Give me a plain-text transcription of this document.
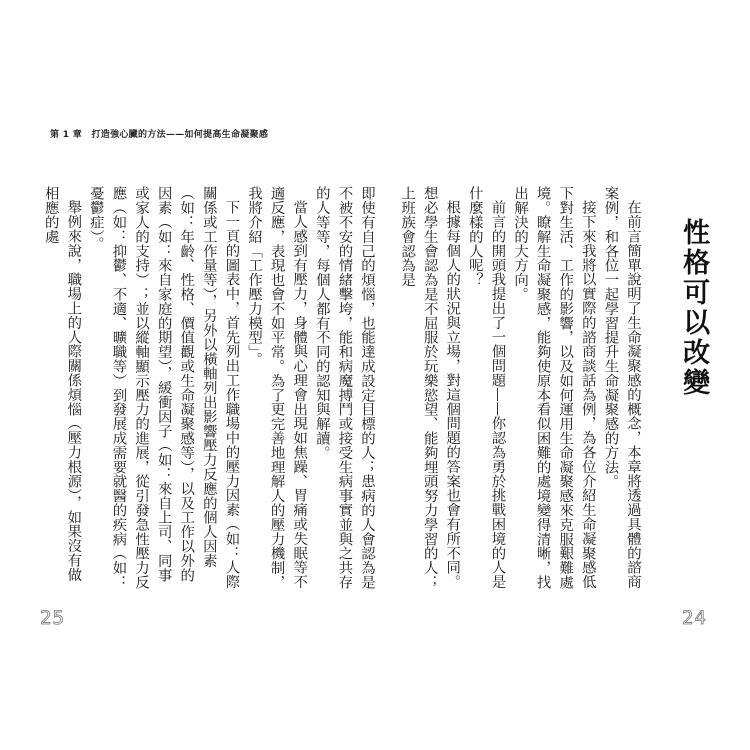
第 1 章 打造強心臟的方法——如何提高生命凝聚感
性格可以改變

在前言簡單說明了生命凝聚感的概念，本章將透過具體的諮商案例，和各位一起學習提升生命凝聚感的方法。

接下來我將以實際的諮商談話為例，為各位介紹生命凝聚感低下對生活、工作的影響，以及如何運用生命凝聚感來克服艱難處境。瞭解生命凝聚感，能夠使原本看似困難的處境變得清晰，找出解決的大方向。

前言的開頭我提出了一個問題——你認為勇於挑戰困境的人是什麼樣的人呢？

根據每個人的狀況與立場，對這個問題的答案也會有所不同。想必學生會認為是不屈服於玩樂慾望、能夠埋頭努力學習的人；上班族會認為是

即使有自己的煩惱，也能達成設定目標的人；患病的人會認為是不被不安的情緒擊垮，能和病魔搏鬥或接受生病事實並與之共存的人等等，每個人都有不同的認知與解讀。

當人感到有壓力，身體與心理會出現如焦躁、胃痛或失眠等不適反應，表現也會不如平常。為了更完善地理解人的壓力機制，我將介紹「工作壓力模型」。

下一頁的圖表中，首先列出工作職場中的壓力因素（如：人際關係或工作量等），另外以橫軸列出影響壓力反應的個人因素（如：年齡、性格、價值觀或生命凝聚感等），以及工作以外的因素（如：來自家庭的期望），緩衝因子（如：來自上司、同事或家人的支持）；並以縱軸顯示壓力的進展，從引發急性壓力反應（如：抑鬱、不適、曠職等）到發展成需要就醫的疾病（如：憂鬱症）。

舉例來說，職場上的人際關係煩惱（壓力根源），如果沒有做相應的處

25	24
